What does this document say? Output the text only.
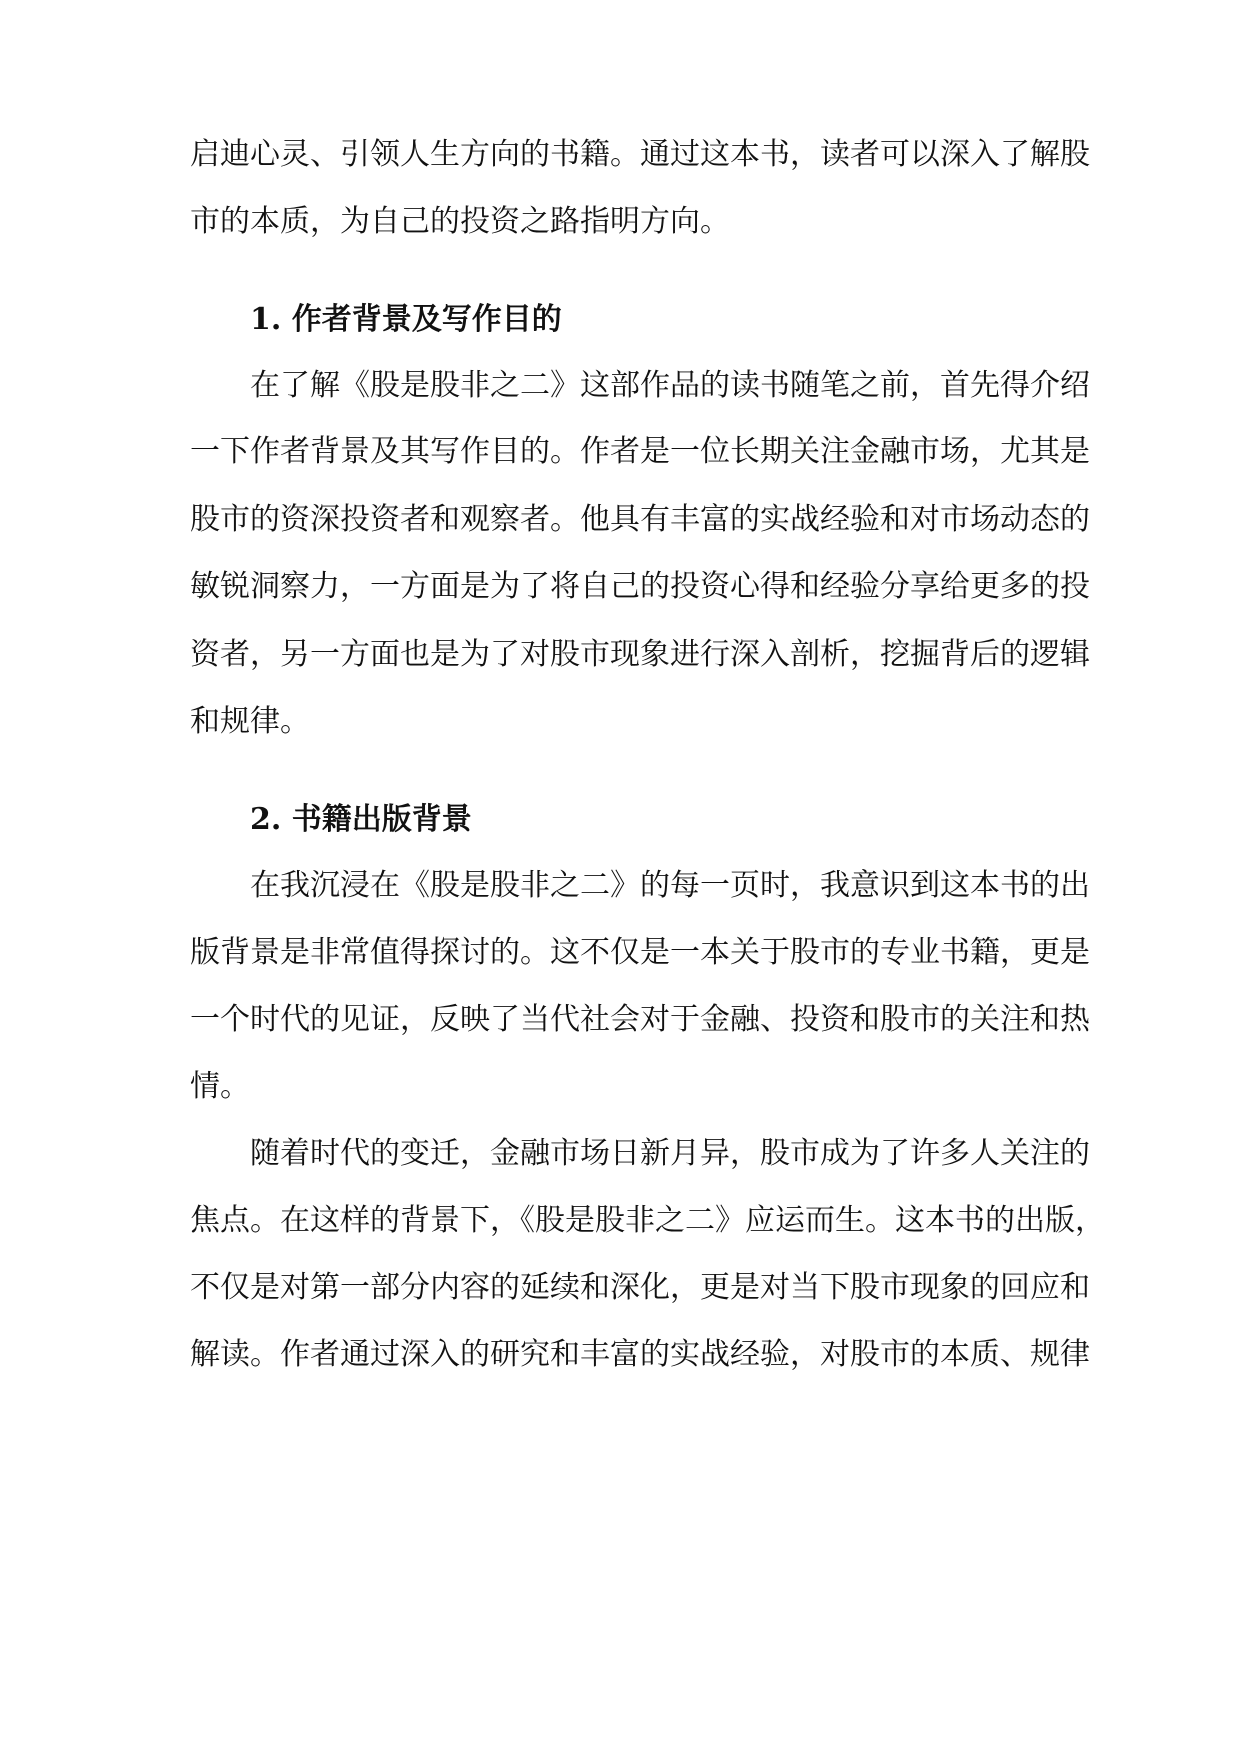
启迪心灵、引领人生方向的书籍。通过这本书，读者可以深入了解股
市的本质，为自己的投资之路指明方向。
1. 作者背景及写作目的
在了解《股是股非之二》这部作品的读书随笔之前，首先得介绍
一下作者背景及其写作目的。作者是一位长期关注金融市场，尤其是
股市的资深投资者和观察者。他具有丰富的实战经验和对市场动态的
敏锐洞察力，一方面是为了将自己的投资心得和经验分享给更多的投
资者，另一方面也是为了对股市现象进行深入剖析，挖掘背后的逻辑
和规律。
2. 书籍出版背景
在我沉浸在《股是股非之二》的每一页时，我意识到这本书的出
版背景是非常值得探讨的。这不仅是一本关于股市的专业书籍，更是
一个时代的见证，反映了当代社会对于金融、投资和股市的关注和热
情。
随着时代的变迁，金融市场日新月异，股市成为了许多人关注的
焦点。在这样的背景下，《股是股非之二》应运而生。这本书的出版，
不仅是对第一部分内容的延续和深化，更是对当下股市现象的回应和
解读。作者通过深入的研究和丰富的实战经验，对股市的本质、规律
